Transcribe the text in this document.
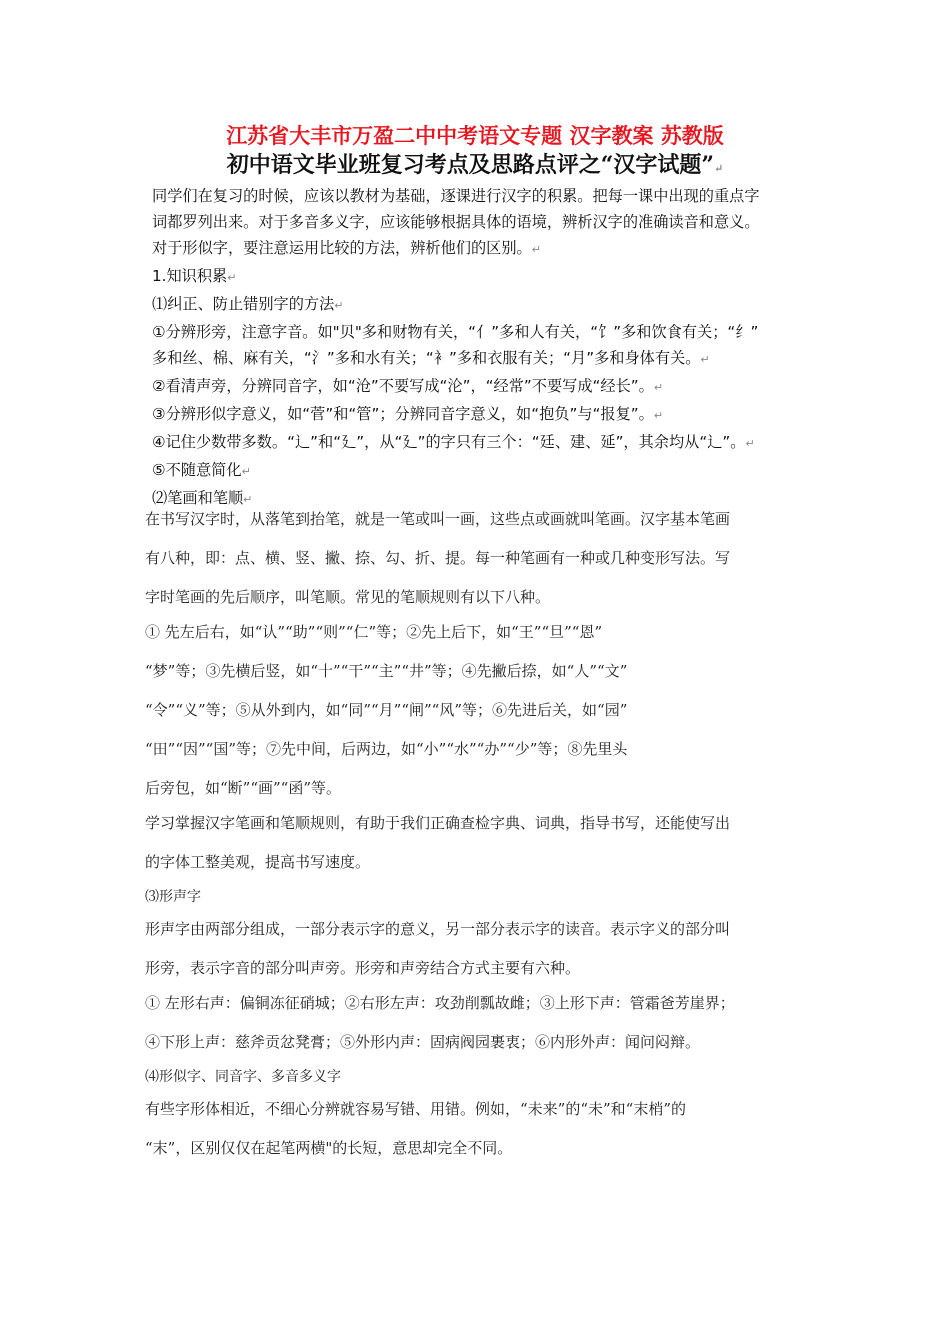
江苏省大丰市万盈二中中考语文专题 汉字教案 苏教版
初中语文毕业班复习考点及思路点评之“汉字试题”↵

同学们在复习的时候，应该以教材为基础，逐课进行汉字的积累。把每一课中出现的重点字

词都罗列出来。对于多音多义字，应该能够根据具体的语境，辨析汉字的准确读音和意义。

对于形似字，要注意运用比较的方法，辨析他们的区别。↵

1.知识积累↵

⑴纠正、防止错别字的方法↵

①分辨形旁，注意字音。如"贝"多和财物有关，“亻”多和人有关，“饣”多和饮食有关；“纟”

多和丝、棉、麻有关，“氵”多和水有关；“衤”多和衣服有关；“月”多和身体有关。↵

②看清声旁，分辨同音字，如“沧”不要写成“沦”，“经常”不要写成“经长”。↵

③分辨形似字意义，如“菅”和“管”；分辨同音字意义，如“抱负”与“报复”。↵

④记住少数带多数。“辶”和“廴”，从“廴”的字只有三个：“廷、建、延”，其余均从“辶”。↵

⑤不随意简化↵

⑵笔画和笔顺↵

在书写汉字时，从落笔到抬笔，就是一笔或叫一画，这些点或画就叫笔画。汉字基本笔画

有八种，即：点、横、竖、撇、捺、勾、折、提。每一种笔画有一种或几种变形写法。写

字时笔画的先后顺序，叫笔顺。常见的笔顺规则有以下八种。

① 先左后右，如“认”“助”“则”“仁”等；②先上后下，如“王”“旦”“恩”

“梦”等；③先横后竖，如“十”“干”“主”“井”等；④先撇后捺，如“人”“文”

“令”“义”等；⑤从外到内，如“同”“月”“闸”“风”等；⑥先进后关，如“园”

“田”“因”“国”等；⑦先中间，后两边，如“小”“水”“办”“少”等；⑧先里头

后旁包，如“断”“画”“函”等。

学习掌握汉字笔画和笔顺规则，有助于我们正确查检字典、词典，指导书写，还能使写出

的字体工整美观，提高书写速度。

⑶形声字

形声字由两部分组成，一部分表示字的意义，另一部分表示字的读音。表示字义的部分叫

形旁，表示字音的部分叫声旁。形旁和声旁结合方式主要有六种。

① 左形右声：偏铜冻征硝城；②右形左声：攻劲削瓢故雌；③上形下声：管霜爸芳崖界；

④下形上声：慈斧贡忿凳膏；⑤外形内声：固病阀园裹衷；⑥内形外声：闻问闷辩。

⑷形似字、同音字、多音多义字

有些字形体相近，不细心分辨就容易写错、用错。例如，“未来”的“未”和“末梢”的

“末”，区别仅仅在起笔两横"的长短，意思却完全不同。
